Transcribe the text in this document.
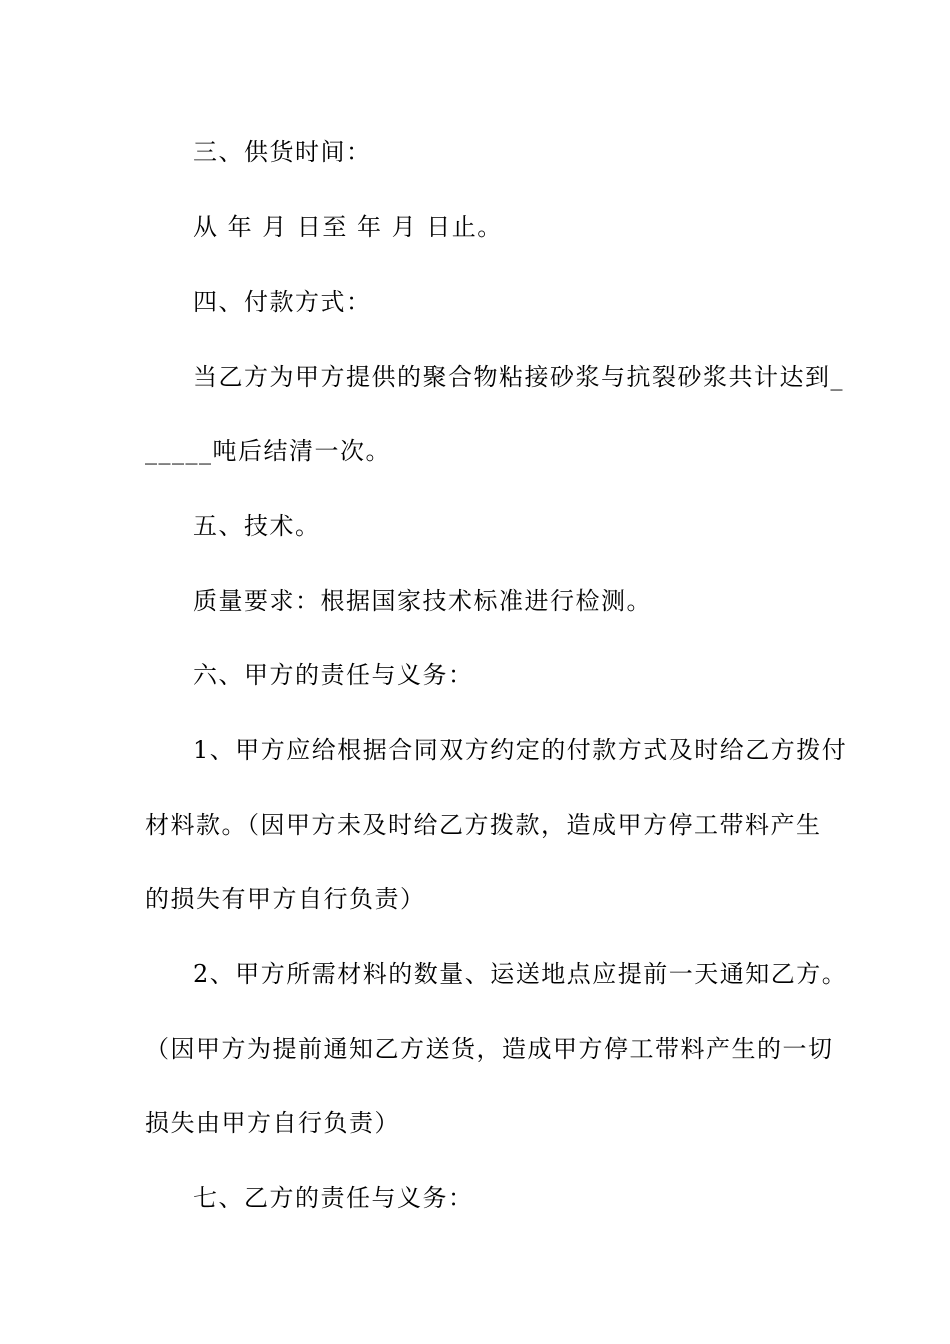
三、供货时间：
从 年 月 日至 年 月 日止。
四、付款方式：
当乙方为甲方提供的聚合物粘接砂浆与抗裂砂浆共计达到_
_____吨后结清一次。
五、技术。
质量要求：根据国家技术标准进行检测。
六、甲方的责任与义务：
1、甲方应给根据合同双方约定的付款方式及时给乙方拨付
材料款。（因甲方未及时给乙方拨款，造成甲方停工带料产生
的损失有甲方自行负责）
2、甲方所需材料的数量、运送地点应提前一天通知乙方。
（因甲方为提前通知乙方送货，造成甲方停工带料产生的一切
损失由甲方自行负责）
七、乙方的责任与义务：
